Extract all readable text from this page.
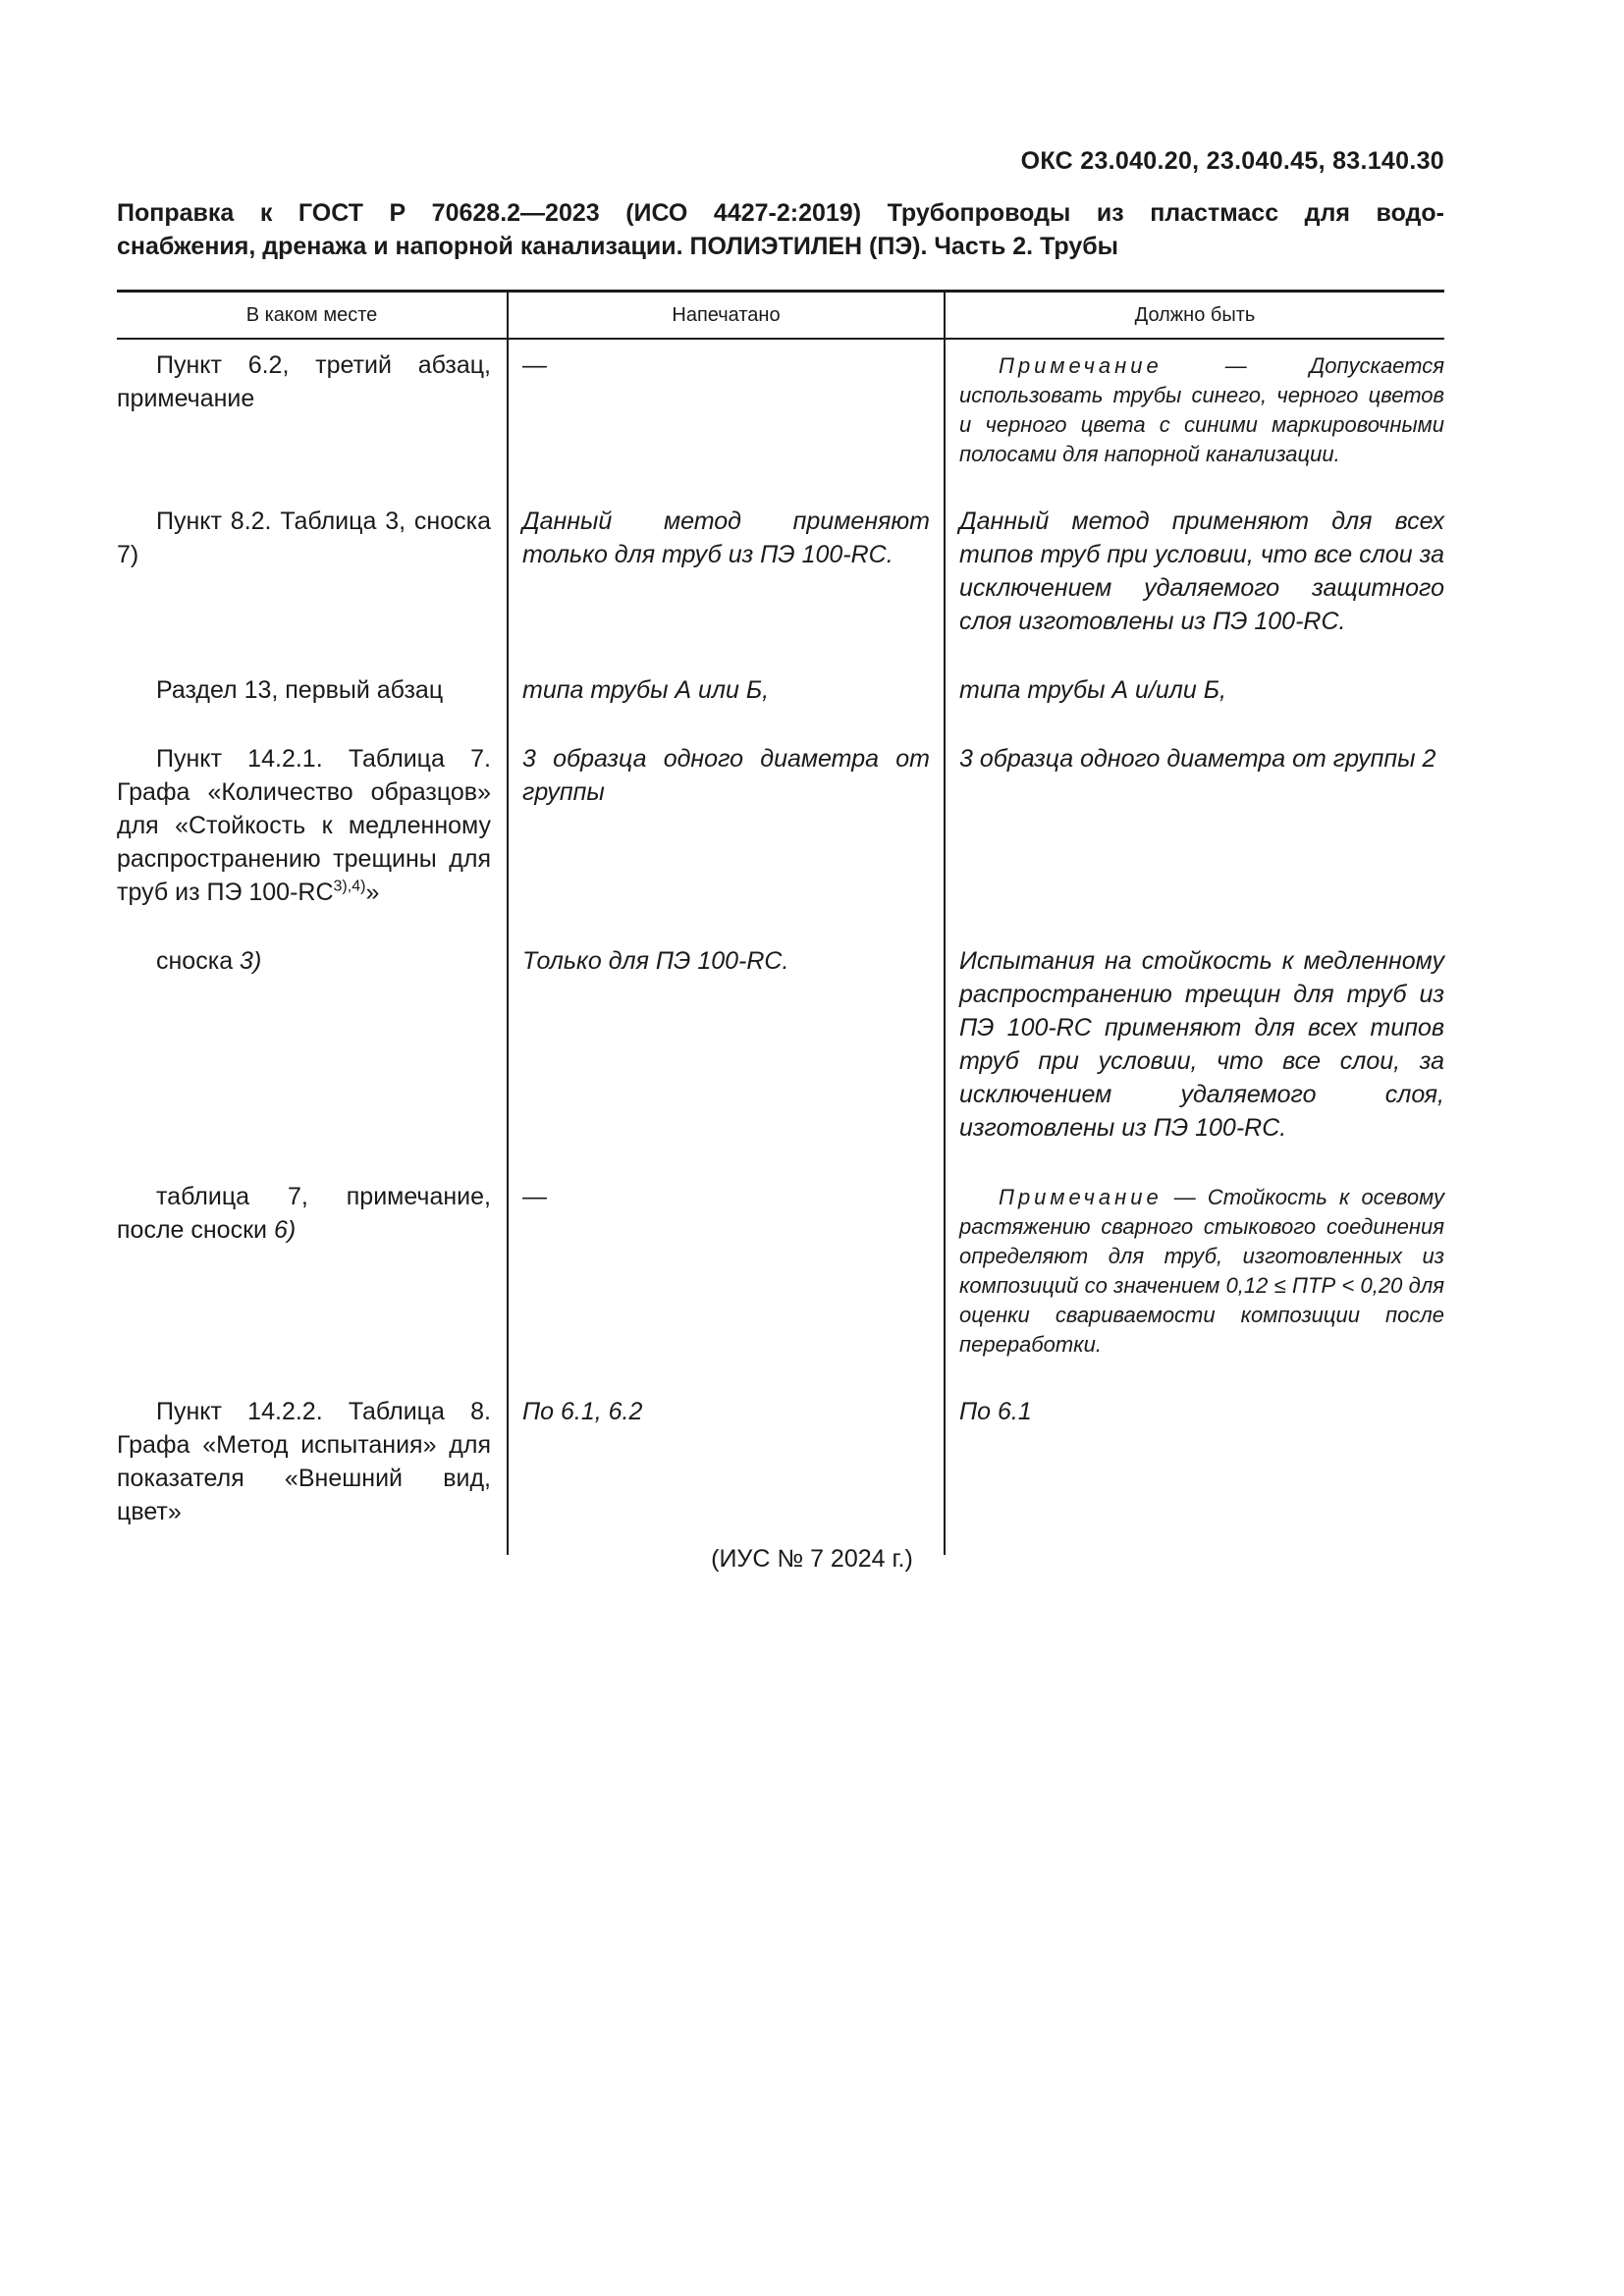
ОКС 23.040.20, 23.040.45, 83.140.30
Поправка к ГОСТ Р 70628.2—2023 (ИСО 4427-2:2019) Трубопроводы из пластмасс для водо-
снабжения, дренажа и напорной канализации. ПОЛИЭТИЛЕН (ПЭ). Часть 2. Трубы
В каком месте	Напечатано	Должно быть
Пункт 6.2, третий абзац, примечание	—	Примечание — Допускается использовать трубы синего, черного цветов и черного цвета с синими маркировочными полосами для напорной канализации.

Пункт 8.2. Таблица 3, сноска 7)	Данный метод применяют только для труб из ПЭ 100-RC.	Данный метод применяют для всех типов труб при условии, что все слои за исключением удаляемого защитного слоя изготовлены из ПЭ 100-RC.
Раздел 13, первый абзац	типа трубы А или Б,	типа трубы А и/или Б,
Пункт 14.2.1. Таблица 7. Графа «Количество образцов» для «Стойкость к медленному распространению трещины для труб из ПЭ $100-RC^{3),4)}$»	3 образца одного диаметра от группы	3 образца одного диаметра от группы 2
сноска 3)	Только для ПЭ 100-RC.	Испытания на стойкость к медленному распространению трещин для труб из ПЭ 100-RC применяют для всех типов труб при условии, что все слои, за исключением удаляемого слоя, изготовлены из ПЭ 100-RC.
таблица 7, примечание, после сноски 6)	—	Примечание — Стойкость к осевому растяжению сварного стыкового соединения определяют для труб, изготовленных из композиций со значением 0,12 ≤ ПТР < 0,20 для оценки свариваемости композиции после переработки.

Пункт 14.2.2. Таблица 8. Графа «Метод испытания» для показателя «Внешний вид, цвет»	По 6.1, 6.2	По 6.1
(ИУС № 7 2024 г.)
